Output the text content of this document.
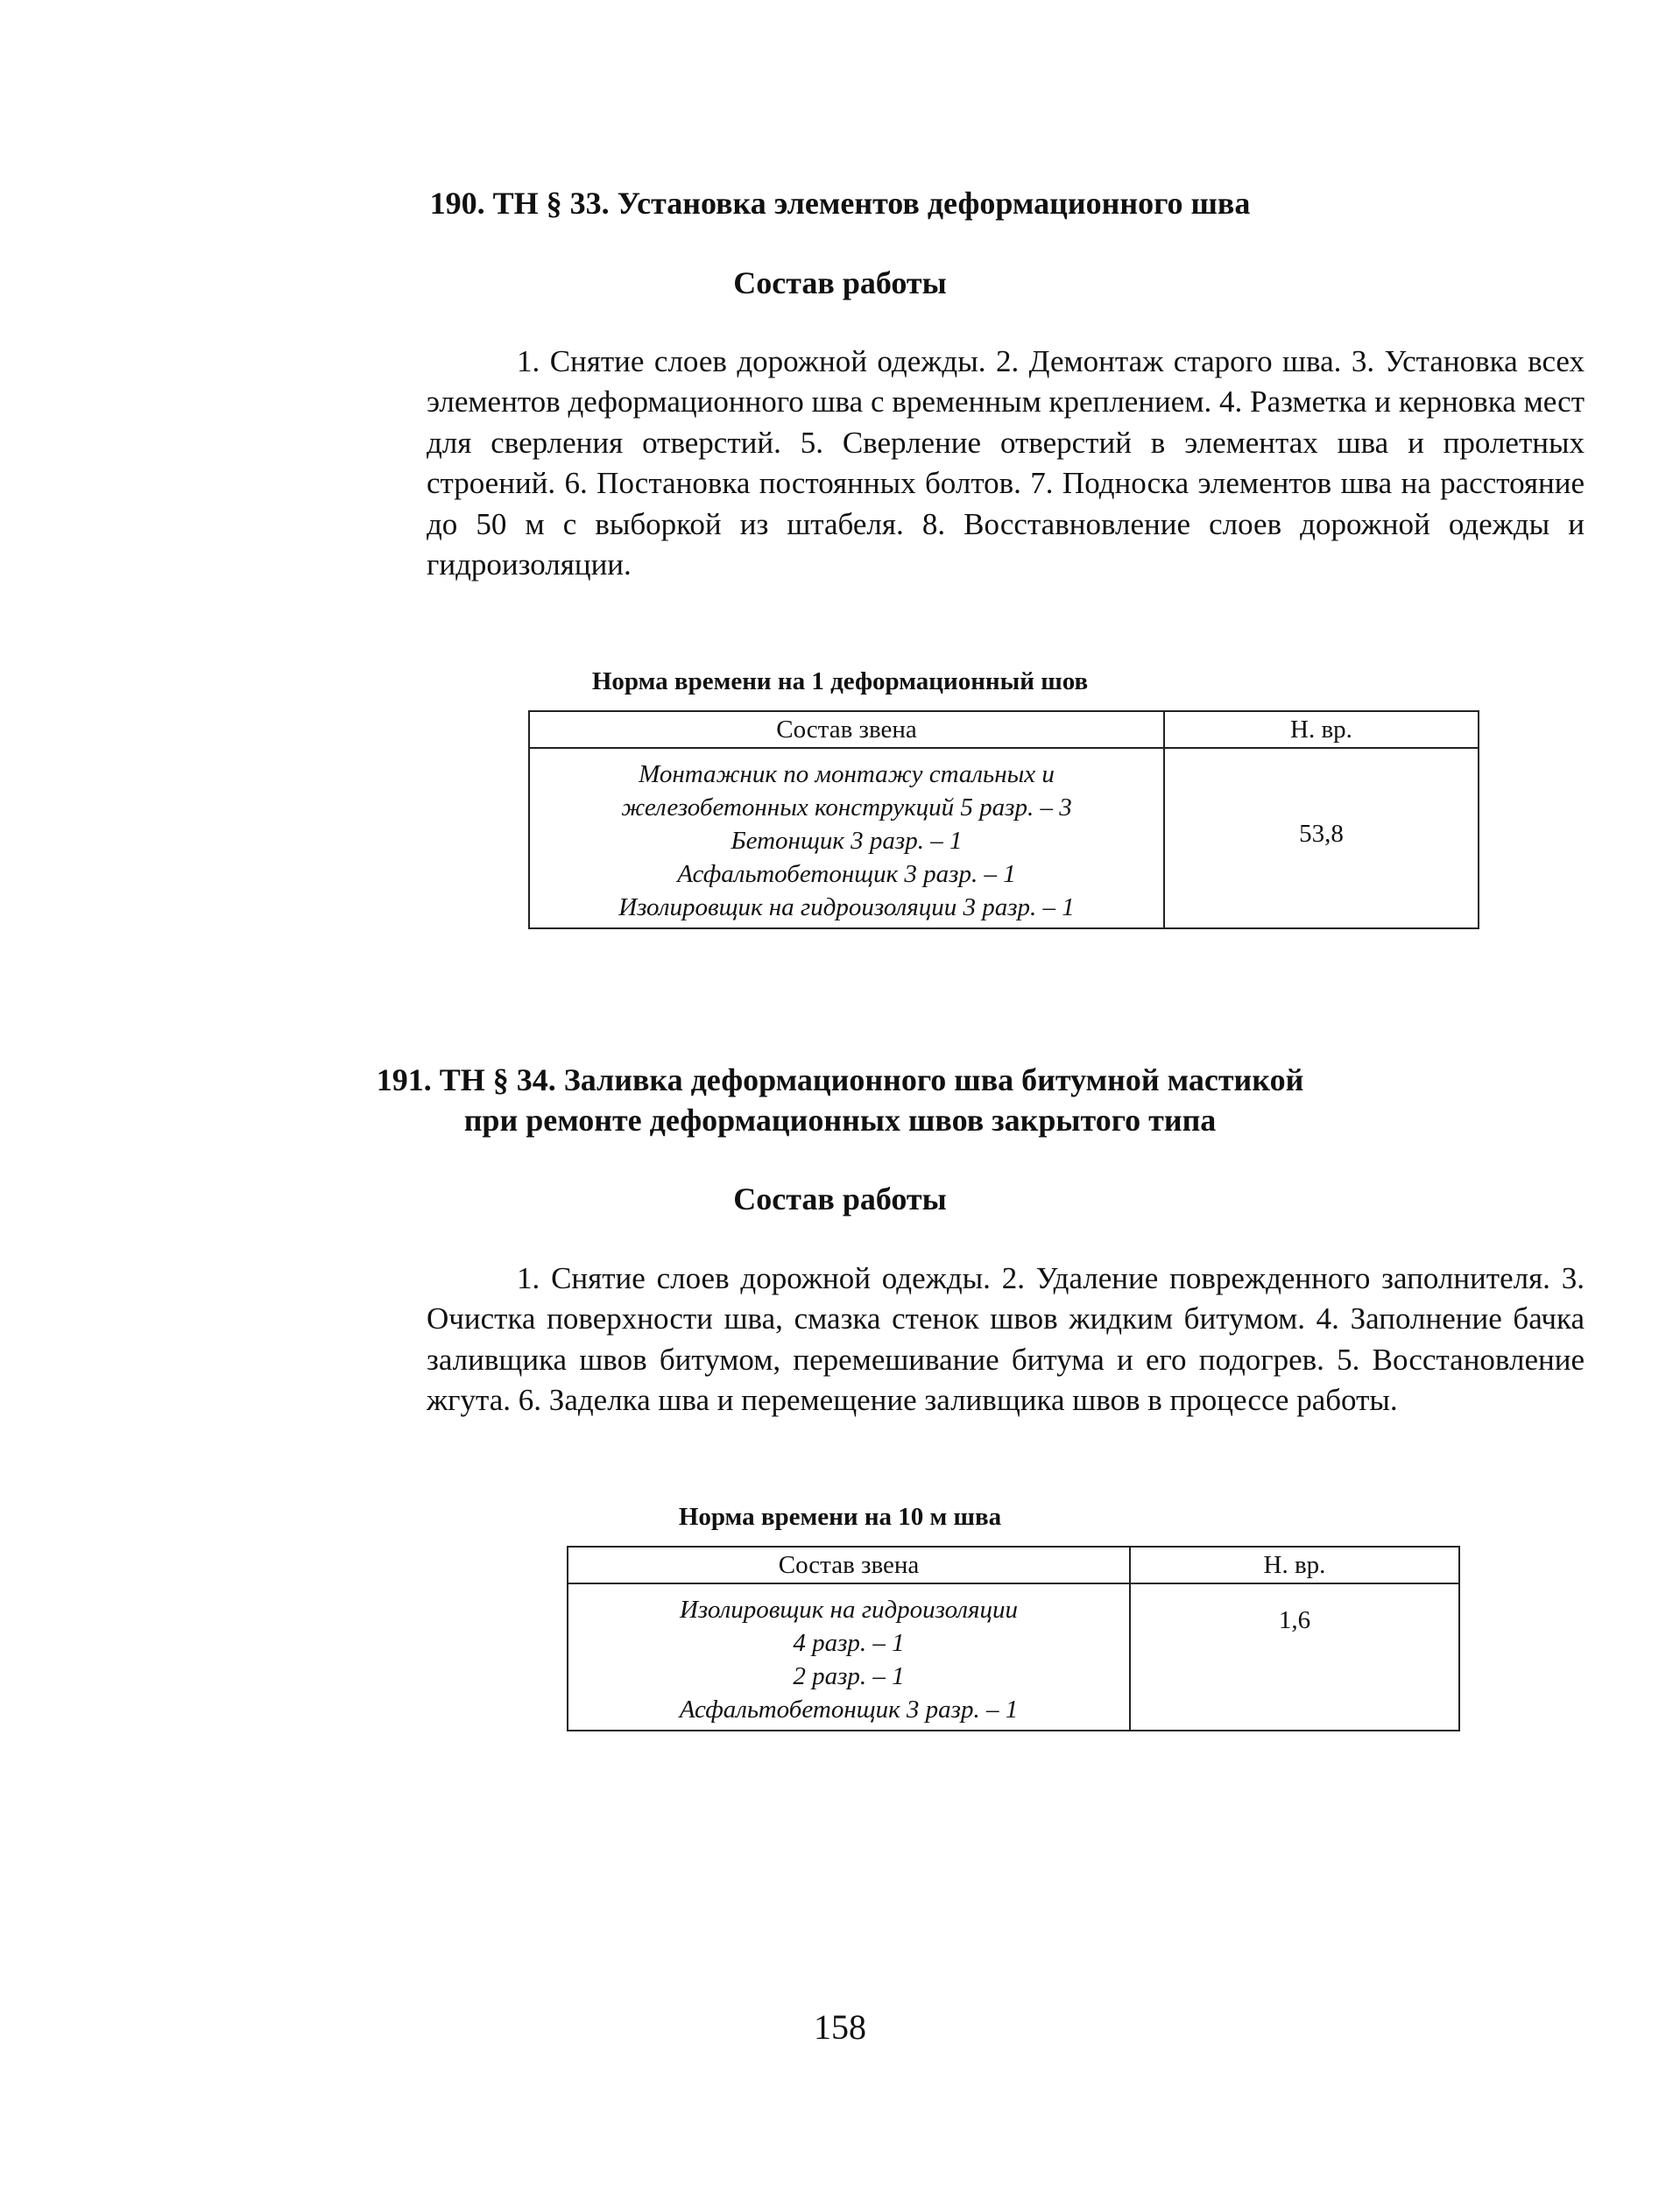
190. ТН § 33. Установка элементов деформационного шва
Состав работы

1. Снятие слоев дорожной одежды. 2. Демонтаж старого шва. 3. Установка всех элементов деформационного шва с временным креплением. 4. Разметка и керновка мест для сверления отверстий. 5. Сверление отверстий в элементах шва и пролетных строений. 6. Постановка постоянных болтов. 7. Подноска элементов шва на расстояние до 50 м с выборкой из штабеля. 8. Восставновление слоев дорожной одежды и гидроизоляции.

Норма времени на 1 деформационный шов
Состав звена	Н. вр.

Монтажник по монтажу стальных и
железобетонных конструкций 5 разр. – 3
Бетонщик 3 разр. – 1
Асфальтобетонщик 3 разр. – 1
Изолировщик на гидроизоляции 3 разр. – 1	53,8
191. ТН § 34. Заливка деформационного шва битумной мастикой
при ремонте деформационных швов закрытого типа
Состав работы

1. Снятие слоев дорожной одежды. 2. Удаление поврежденного заполнителя. 3. Очистка поверхности шва, смазка стенок швов жидким битумом. 4. Заполнение бачка заливщика швов битумом, перемешивание битума и его подогрев. 5. Восстановление жгута. 6. Заделка шва и перемещение заливщика швов в процессе работы.

Норма времени на 10 м шва
Состав звена	Н. вр.

Изолировщик на гидроизоляции
4 разр. – 1
2 разр. – 1
Асфальтобетонщик 3 разр. – 1	1,6
158
